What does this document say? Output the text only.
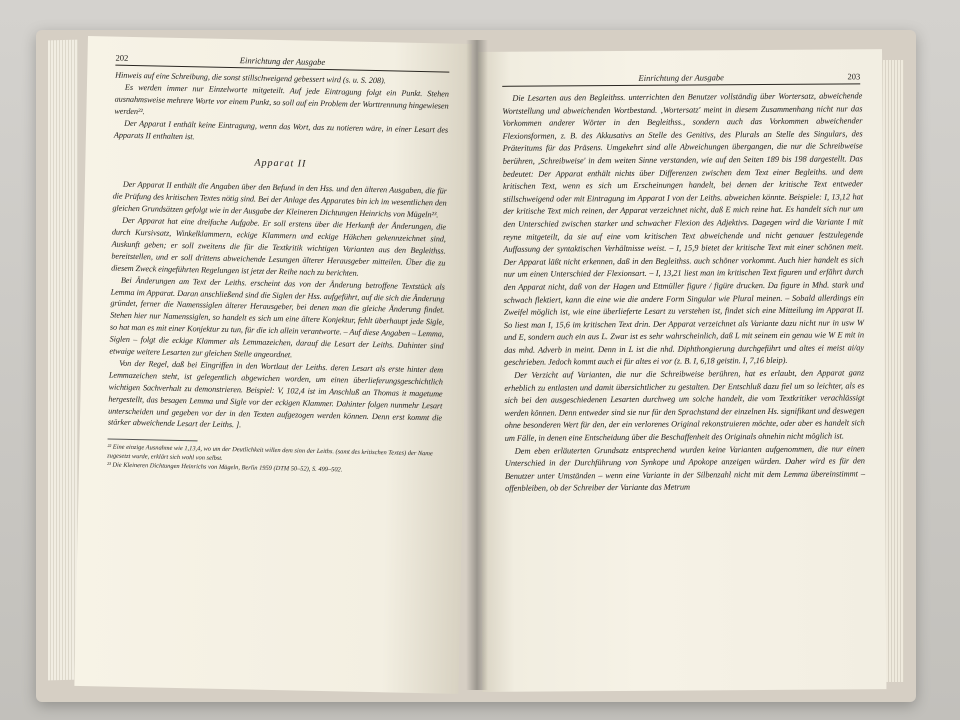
202	Einrichtung der Ausgabe

Hinweis auf eine Schreibung, die sonst stillschweigend gebessert wird (s. u. S. 208).

Es werden immer nur Einzelworte mitgeteilt. Auf jede Eintragung folgt ein Punkt. Stehen ausnahmsweise mehrere Worte vor einem Punkt, so soll auf ein Problem der Worttrennung hingewiesen werden²².

Der Apparat I enthält keine Eintragung, wenn das Wort, das zu notieren wäre, in einer Lesart des Apparats II enthalten ist.

Apparat II

Der Apparat II enthält die Angaben über den Befund in den Hss. und den älteren Ausgaben, die für die Prüfung des kritischen Textes nötig sind. Bei der Anlage des Apparates bin ich im wesentlichen den gleichen Grundsätzen gefolgt wie in der Ausgabe der Kleineren Dichtungen Heinrichs von Mügeln²³.

Der Apparat hat eine dreifache Aufgabe. Er soll erstens über die Herkunft der Änderungen, die durch Kursivsatz, Winkelklammern, eckige Klammern und eckige Häkchen gekennzeichnet sind, Auskunft geben; er soll zweitens die für die Textkritik wichtigen Varianten aus den Begleithss. bereitstellen, und er soll drittens abweichende Lesungen älterer Herausgeber mitteilen. Über die zu diesem Zweck eingeführten Regelungen ist jetzt der Reihe nach zu berichten.

Bei Änderungen am Text der Leiths. erscheint das von der Änderung betroffene Textstück als Lemma im Apparat. Daran anschließend sind die Siglen der Hss. aufgeführt, auf die sich die Änderung gründet, ferner die Namenssiglen älterer Herausgeber, bei denen man die gleiche Änderung findet. Stehen hier nur Namenssiglen, so handelt es sich um eine ältere Konjektur, fehlt überhaupt jede Sigle, so hat man es mit einer Konjektur zu tun, für die ich allein verantworte. – Auf diese Angaben – Lemma, Siglen – folgt die eckige Klammer als Lemmazeichen, darauf die Lesart der Leiths. Dahinter sind etwaige weitere Lesarten zur gleichen Stelle angeordnet.

Von der Regel, daß bei Eingriffen in den Wortlaut der Leiths. deren Lesart als erste hinter dem Lemmazeichen steht, ist gelegentlich abgewichen worden, um einen überlieferungsgeschichtlich wichtigen Sachverhalt zu demonstrieren. Beispiel: V, 102,4 ist im Anschluß an Thomas it magetume hergestellt, das besagen Lemma und Sigle vor der eckigen Klammer. Dahinter folgen nunmehr Lesart unterscheiden und gegeben vor der in den Texten aufgezogen werden können. Denn erst kommt die stärker abweichende Lesart der Leiths. ].

²² Eine einzige Ausnahme wie 1,13,4, wo um der Deutlichkeit willen dem sinn der Leiths. (samt des kritischen Textes) der Name zugesetzt wurde, erklärt sich wohl von selbst.

²³ Die Kleineren Dichtungen Heinrichs von Mügeln, Berlin 1959 (DTM 50–52), S. 499–502.

Einrichtung der Ausgabe	203

Die Lesarten aus den Begleithss. unterrichten den Benutzer vollständig über Wortersatz, abweichende Wortstellung und abweichenden Wortbestand. ‚Wortersatz' meint in diesem Zusammenhang nicht nur das Vorkommen anderer Wörter in den Begleithss., sondern auch das Vorkommen abweichender Flexionsformen, z. B. des Akkusativs an Stelle des Genitivs, des Plurals an Stelle des Singulars, des Präteritums für das Präsens. Umgekehrt sind alle Abweichungen übergangen, die nur die Schreibweise berühren, ‚Schreibweise' in dem weiten Sinne verstanden, wie auf den Seiten 189 bis 198 dargestellt. Das bedeutet: Der Apparat enthält nichts über Differenzen zwischen dem Text einer Begleiths. und dem kritischen Text, wenn es sich um Erscheinungen handelt, bei denen der kritische Text entweder stillschweigend oder mit Eintragung im Apparat I von der Leiths. abweichen könnte. Beispiele: I, 13,12 hat der kritische Text mich reinen, der Apparat verzeichnet nicht, daß E mich reine hat. Es handelt sich nur um den Unterschied zwischen starker und schwacher Flexion des Adjektivs. Dagegen wird die Variante I mit reyne mitgeteilt, da sie auf eine vom kritischen Text abweichende und nicht genauer festzulegende Auffassung der syntaktischen Verhältnisse weist. – I, 15,9 bietet der kritische Text mit einer schönen meit. Der Apparat läßt nicht erkennen, daß in den Begleithss. auch schöner vorkommt. Auch hier handelt es sich nur um einen Unterschied der Flexionsart. – I, 13,21 liest man im kritischen Text figuren und erfährt durch den Apparat nicht, daß von der Hagen und Ettmüller figure / figüre drucken. Da figure in Mhd. stark und schwach flektiert, kann die eine wie die andere Form Singular wie Plural meinen. – Sobald allerdings ein Zweifel möglich ist, wie eine überlieferte Lesart zu verstehen ist, findet sich eine Mitteilung im Apparat II. So liest man I, 15,6 im kritischen Text drin. Der Apparat verzeichnet als Variante dazu nicht nur in usw W und E, sondern auch ein aus L. Zwar ist es sehr wahrscheinlich, daß L mit seinem ein genau wie W E mit in das mhd. Adverb in meint. Denn in L ist die nhd. Diphthongierung durchgeführt und altes ei meist ai/ay geschrieben. Jedoch kommt auch ei für altes ei vor (z. B. I, 6,18 geistin. I, 7,16 bleip).

Der Verzicht auf Varianten, die nur die Schreibweise berühren, hat es erlaubt, den Apparat ganz erheblich zu entlasten und damit übersichtlicher zu gestalten. Der Entschluß dazu fiel um so leichter, als es sich bei den ausgeschiedenen Lesarten durchweg um solche handelt, die vom Textkritiker verachlässigt werden können. Denn entweder sind sie nur für den Sprachstand der einzelnen Hs. signifikant und deswegen ohne besonderen Wert für den, der ein verlorenes Original rekonstruieren möchte, oder aber es handelt sich um Fälle, in denen eine Entscheidung über die Beschaffenheit des Originals ohnehin nicht möglich ist.

Dem eben erläuterten Grundsatz entsprechend wurden keine Varianten aufgenommen, die nur einen Unterschied in der Durchführung von Synkope und Apokope anzeigen würden. Daher wird es für den Benutzer unter Umständen – wenn eine Variante in der Silbenzahl nicht mit dem Lemma übereinstimmt – offenbleiben, ob der Schreiber der Variante das Metrum
